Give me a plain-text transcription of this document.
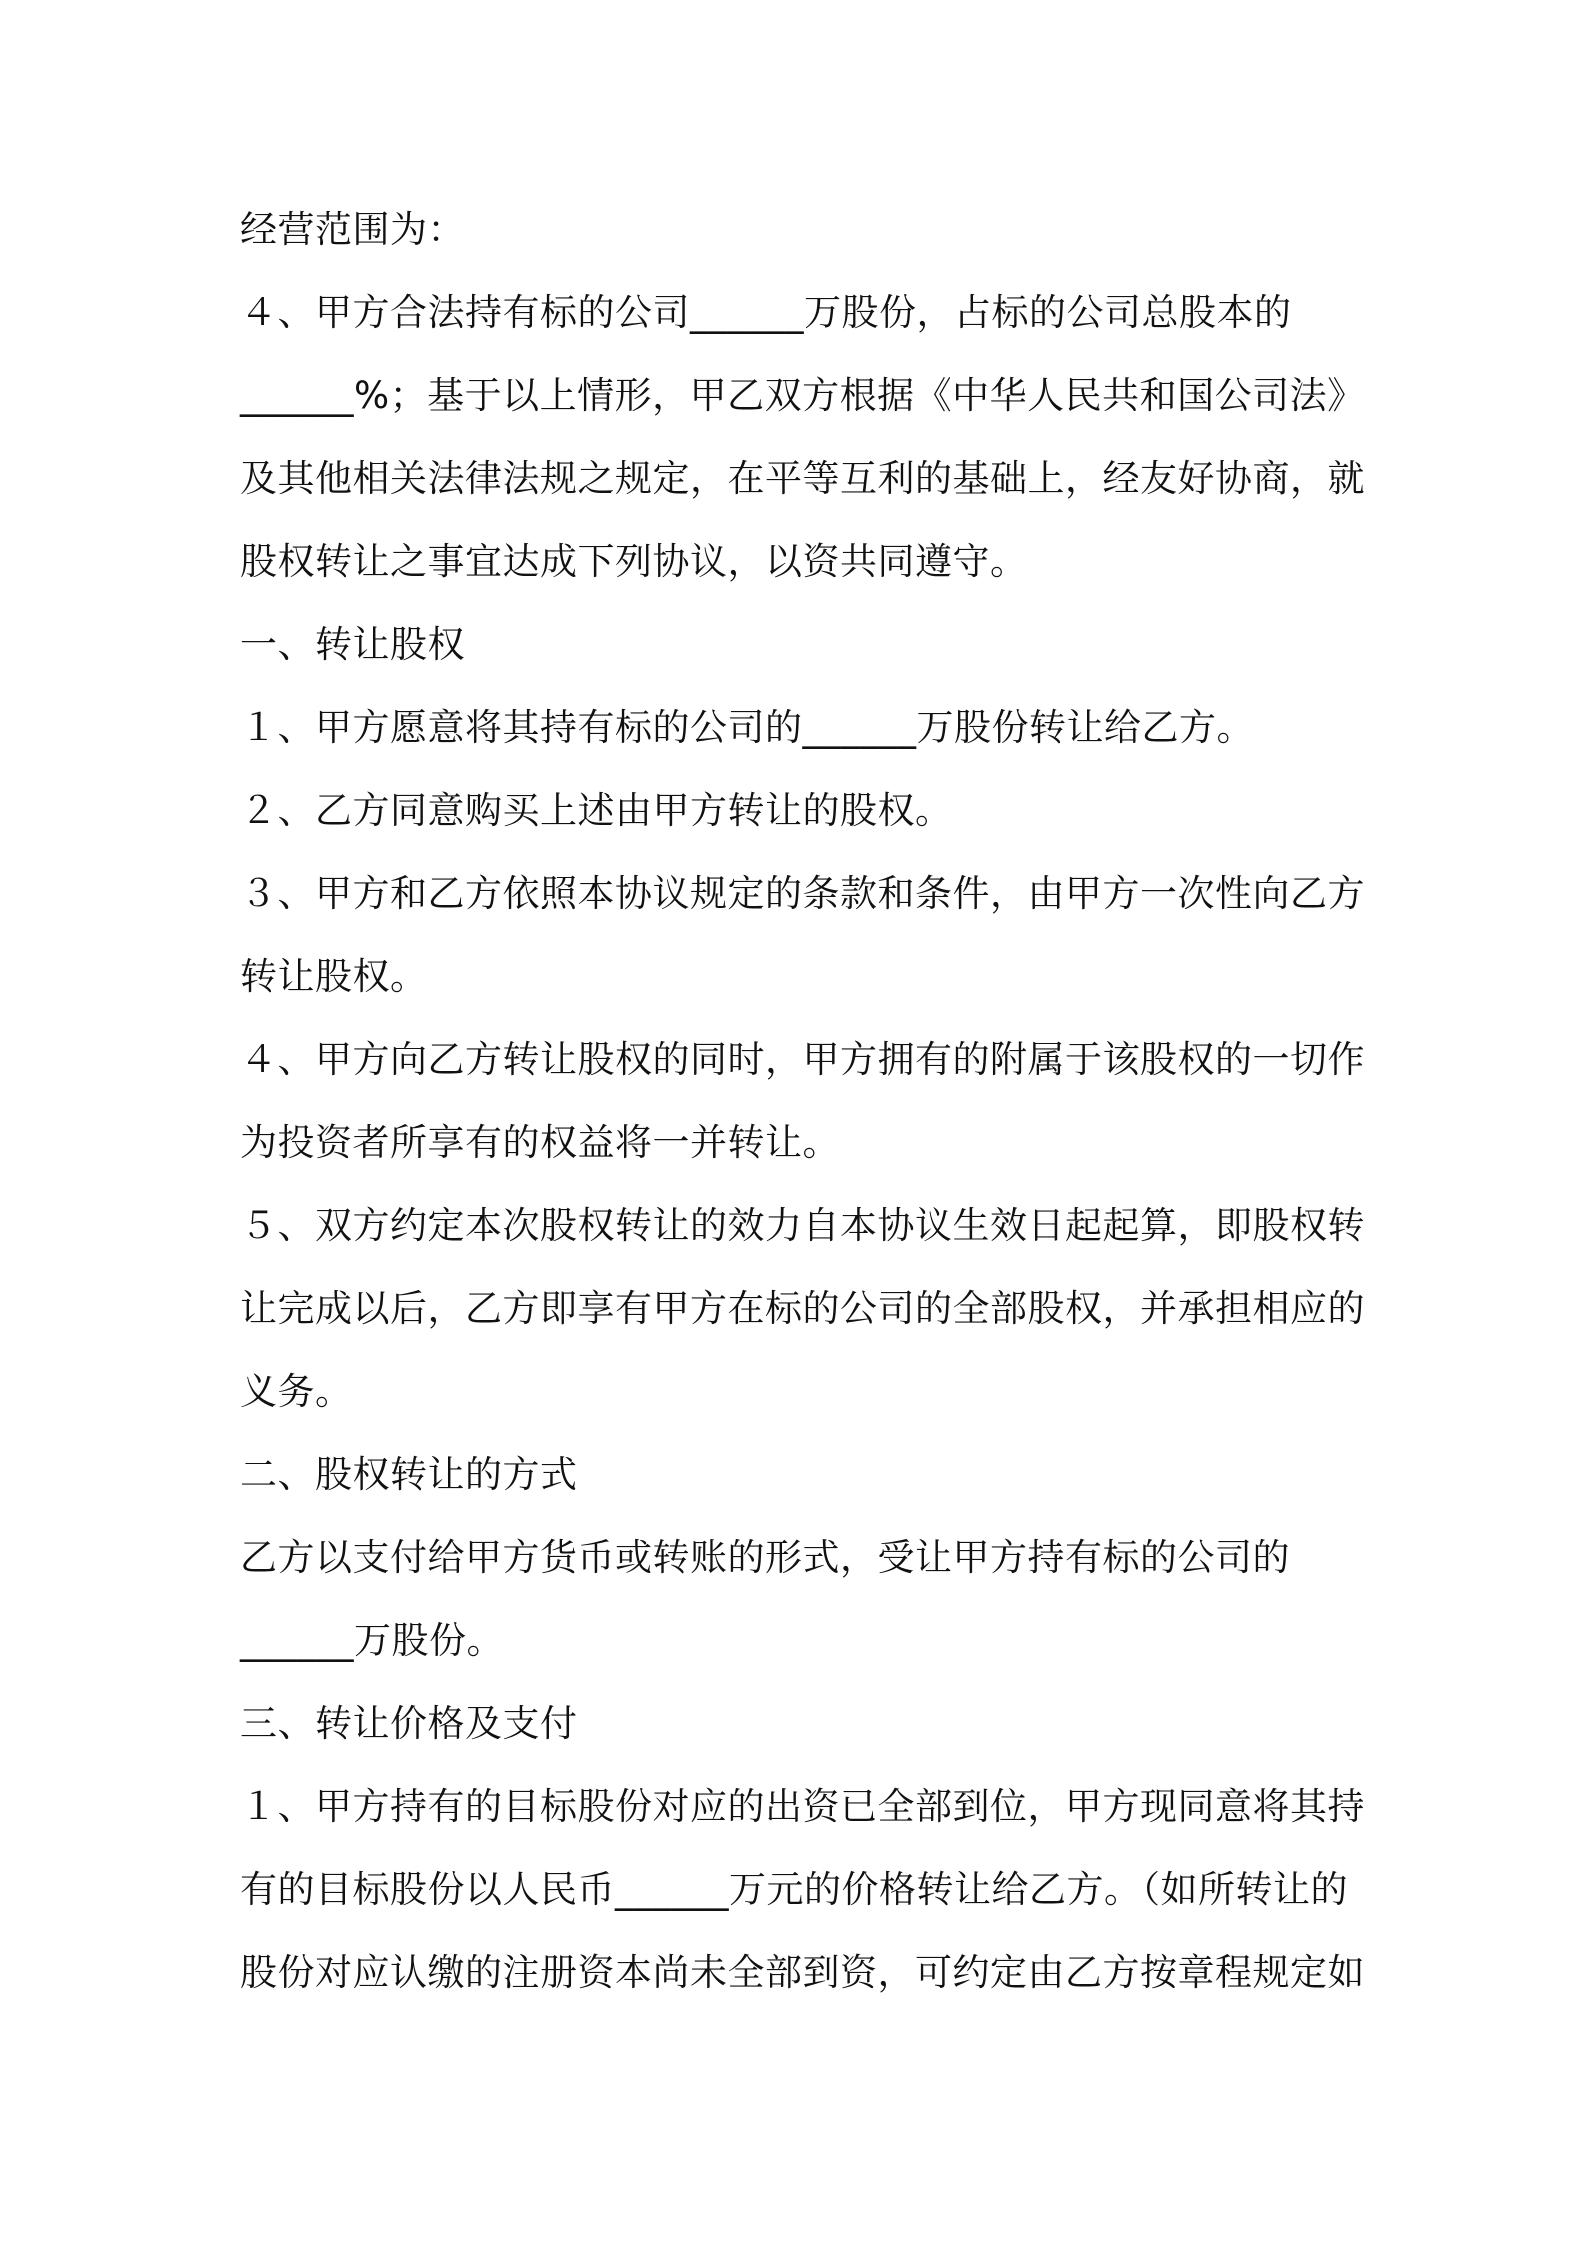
经营范围为：
４、甲方合法持有标的公司______万股份，占标的公司总股本的
______%；基于以上情形，甲乙双方根据《中华人民共和国公司法》
及其他相关法律法规之规定，在平等互利的基础上，经友好协商，就
股权转让之事宜达成下列协议，以资共同遵守。
一、转让股权
１、甲方愿意将其持有标的公司的______万股份转让给乙方。
２、乙方同意购买上述由甲方转让的股权。
３、甲方和乙方依照本协议规定的条款和条件，由甲方一次性向乙方
转让股权。
４、甲方向乙方转让股权的同时，甲方拥有的附属于该股权的一切作
为投资者所享有的权益将一并转让。
５、双方约定本次股权转让的效力自本协议生效日起起算，即股权转
让完成以后，乙方即享有甲方在标的公司的全部股权，并承担相应的
义务。
二、股权转让的方式
乙方以支付给甲方货币或转账的形式，受让甲方持有标的公司的
______万股份。
三、转让价格及支付
１、甲方持有的目标股份对应的出资已全部到位，甲方现同意将其持
有的目标股份以人民币______万元的价格转让给乙方。（如所转让的
股份对应认缴的注册资本尚未全部到资，可约定由乙方按章程规定如
